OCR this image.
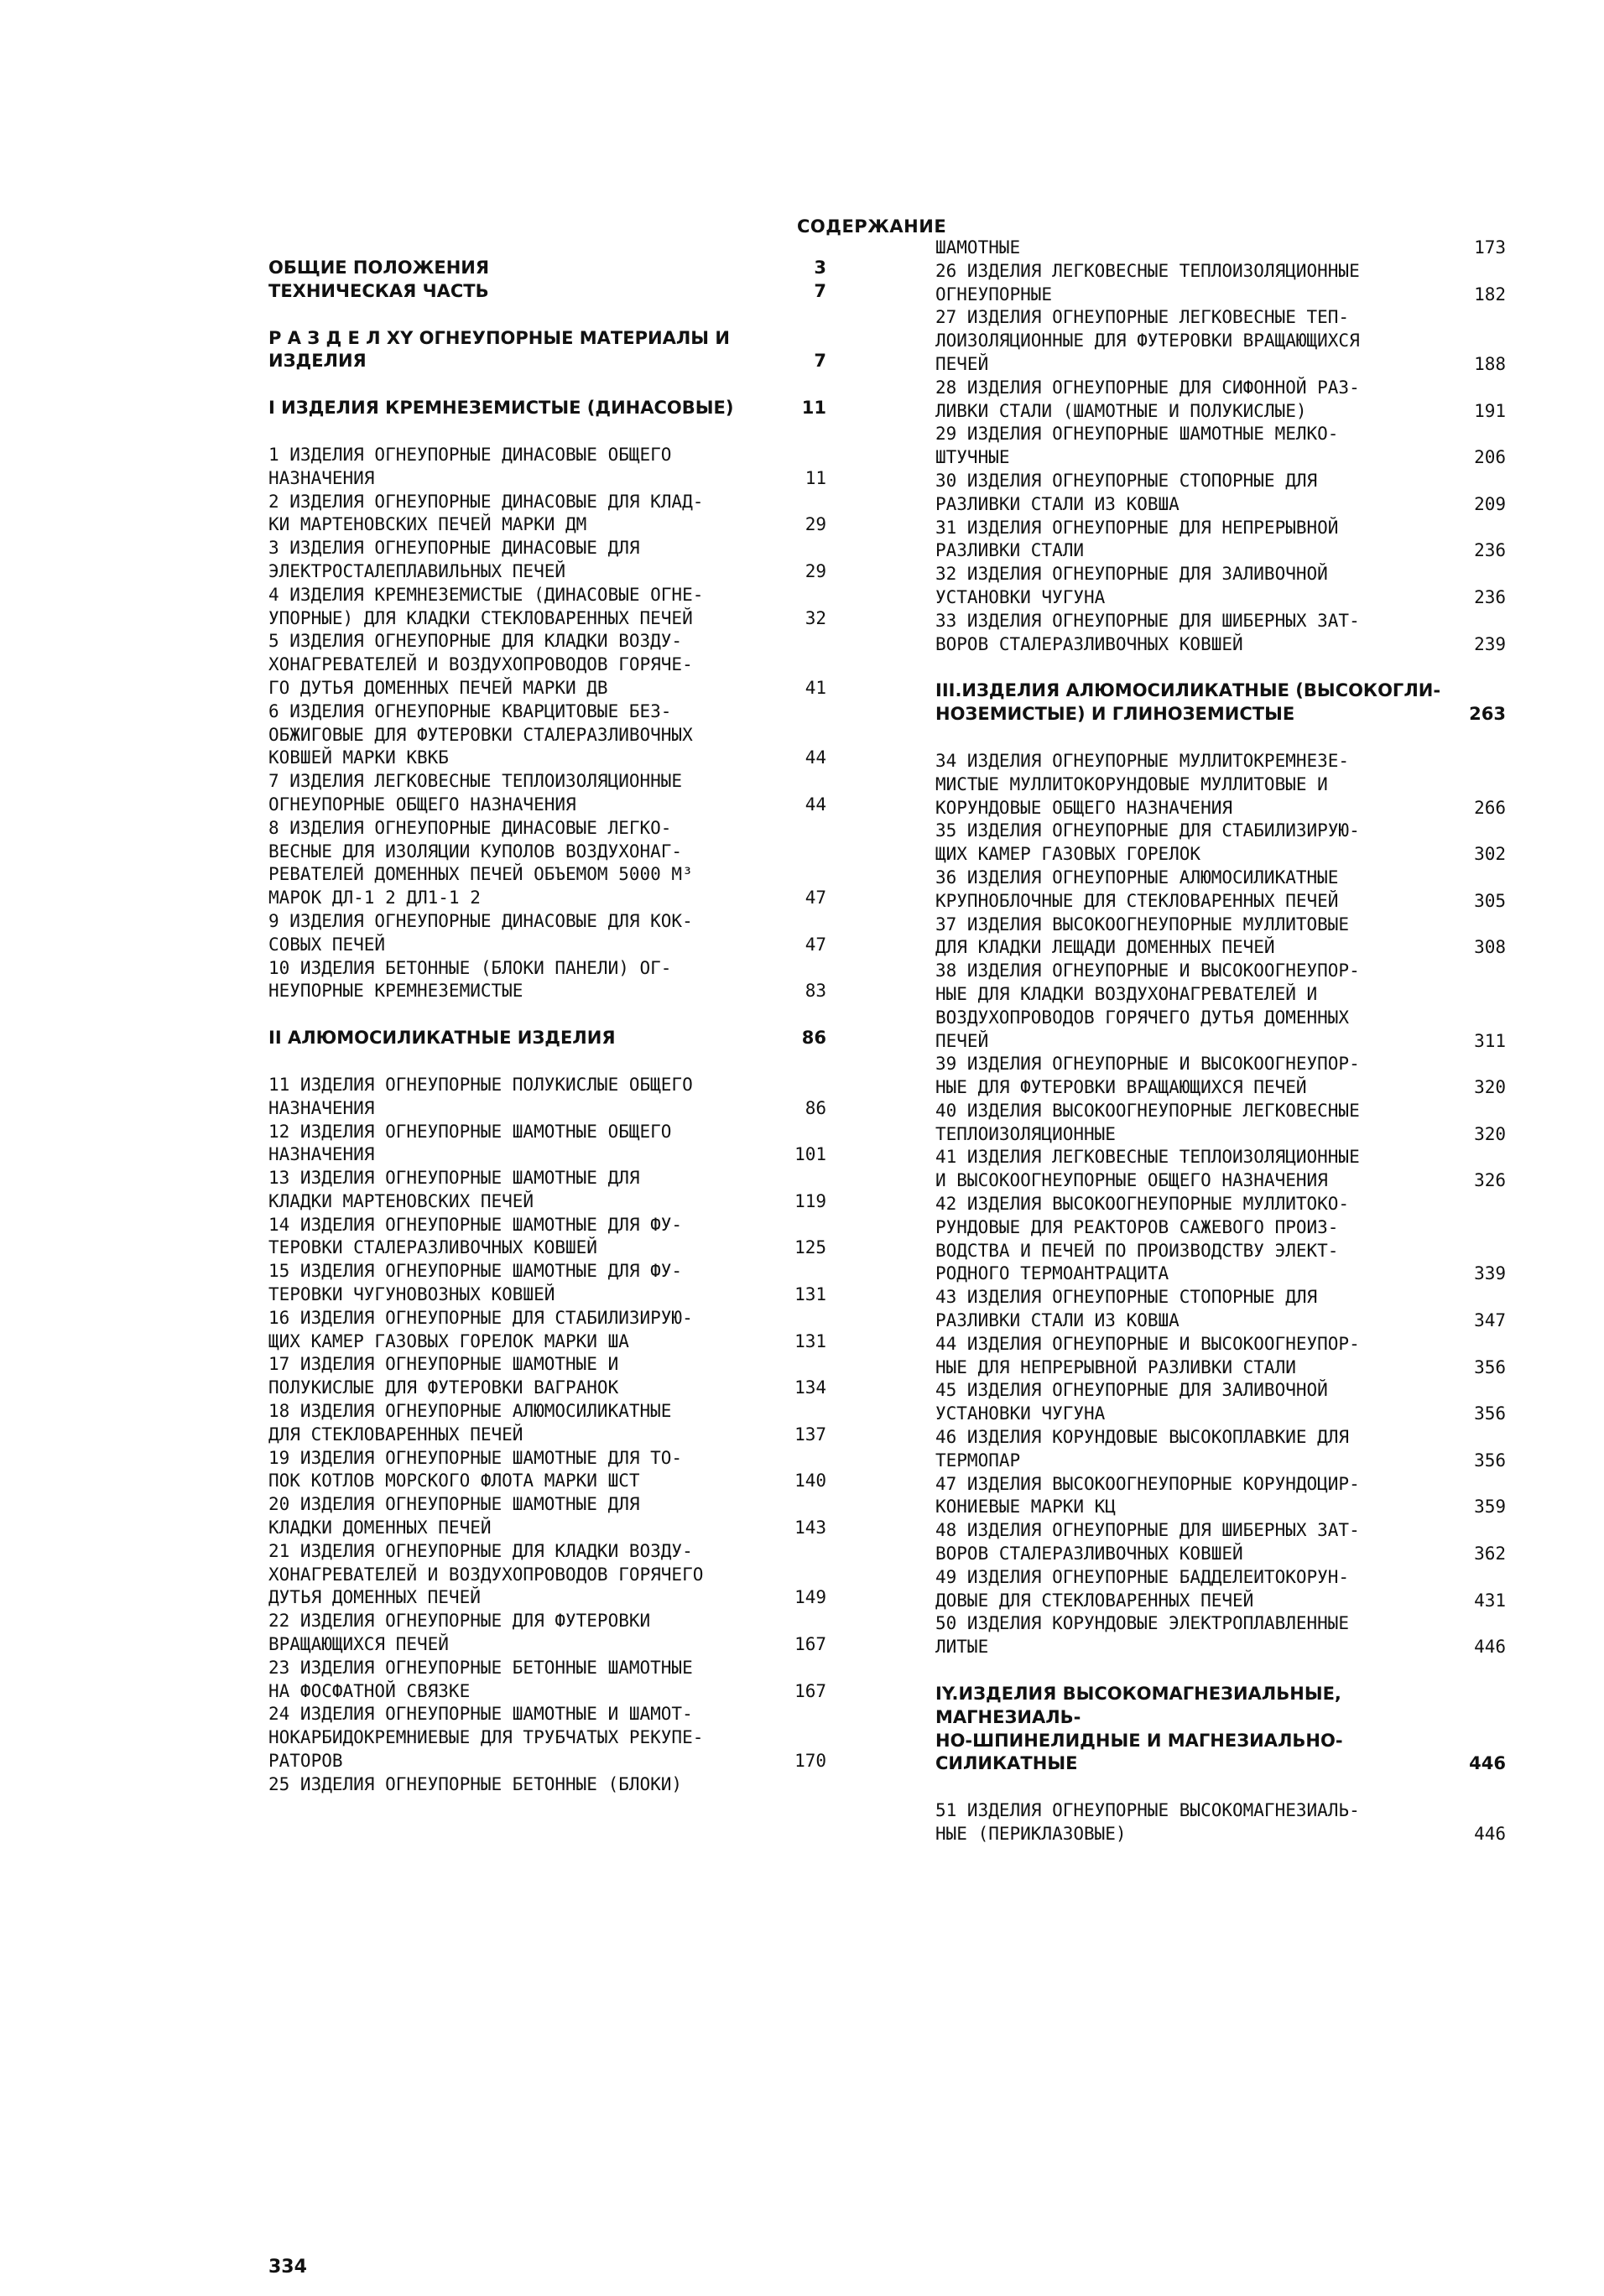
СОДЕРЖАНИЕ
ОБЩИЕ ПОЛОЖЕНИЯ	3
ТЕХНИЧЕСКАЯ ЧАСТЬ	7
Р А З Д Е Л XY ОГНЕУПОРНЫЕ МАТЕРИАЛЫ И
ИЗДЕЛИЯ	7
I ИЗДЕЛИЯ КРЕМНЕЗЕМИСТЫЕ (ДИНАСОВЫЕ)	11
1 ИЗДЕЛИЯ ОГНЕУПОРНЫЕ ДИНАСОВЫЕ ОБЩЕГО
НАЗНАЧЕНИЯ	11
2 ИЗДЕЛИЯ ОГНЕУПОРНЫЕ ДИНАСОВЫЕ ДЛЯ КЛАД-
КИ МАРТЕНОВСКИХ ПЕЧЕЙ МАРКИ ДМ	29
3 ИЗДЕЛИЯ ОГНЕУПОРНЫЕ ДИНАСОВЫЕ ДЛЯ
ЭЛЕКТРОСТАЛЕПЛАВИЛЬНЫХ ПЕЧЕЙ	29
4 ИЗДЕЛИЯ КРЕМНЕЗЕМИСТЫЕ (ДИНАСОВЫЕ ОГНЕ-
УПОРНЫЕ) ДЛЯ КЛАДКИ СТЕКЛОВАРЕННЫХ ПЕЧЕЙ	32
5 ИЗДЕЛИЯ ОГНЕУПОРНЫЕ ДЛЯ КЛАДКИ ВОЗДУ-
ХОНАГРЕВАТЕЛЕЙ И ВОЗДУХОПРОВОДОВ ГОРЯЧЕ-
ГО ДУТЬЯ ДОМЕННЫХ ПЕЧЕЙ МАРКИ ДВ	41
6 ИЗДЕЛИЯ ОГНЕУПОРНЫЕ КВАРЦИТОВЫЕ БЕЗ-
ОБЖИГОВЫЕ ДЛЯ ФУТЕРОВКИ СТАЛЕРАЗЛИВОЧНЫХ
КОВШЕЙ МАРКИ КВКБ	44
7 ИЗДЕЛИЯ ЛЕГКОВЕСНЫЕ ТЕПЛОИЗОЛЯЦИОННЫЕ
ОГНЕУПОРНЫЕ ОБЩЕГО НАЗНАЧЕНИЯ	44
8 ИЗДЕЛИЯ ОГНЕУПОРНЫЕ ДИНАСОВЫЕ ЛЕГКО-
ВЕСНЫЕ ДЛЯ ИЗОЛЯЦИИ КУПОЛОВ ВОЗДУХОНАГ-
РЕВАТЕЛЕЙ ДОМЕННЫХ ПЕЧЕЙ ОБЪЕМОМ 5000 М³
МАРОК ДЛ-1 2 ДЛ1-1 2	47
9 ИЗДЕЛИЯ ОГНЕУПОРНЫЕ ДИНАСОВЫЕ ДЛЯ КОК-
СОВЫХ ПЕЧЕЙ	47
10 ИЗДЕЛИЯ БЕТОННЫЕ (БЛОКИ ПАНЕЛИ) ОГ-
НЕУПОРНЫЕ КРЕМНЕЗЕМИСТЫЕ	83
II АЛЮМОСИЛИКАТНЫЕ ИЗДЕЛИЯ	86
11 ИЗДЕЛИЯ ОГНЕУПОРНЫЕ ПОЛУКИСЛЫЕ ОБЩЕГО
НАЗНАЧЕНИЯ	86
12 ИЗДЕЛИЯ ОГНЕУПОРНЫЕ ШАМОТНЫЕ ОБЩЕГО
НАЗНАЧЕНИЯ	101
13 ИЗДЕЛИЯ ОГНЕУПОРНЫЕ ШАМОТНЫЕ ДЛЯ
КЛАДКИ МАРТЕНОВСКИХ ПЕЧЕЙ	119
14 ИЗДЕЛИЯ ОГНЕУПОРНЫЕ ШАМОТНЫЕ ДЛЯ ФУ-
ТЕРОВКИ СТАЛЕРАЗЛИВОЧНЫХ КОВШЕЙ	125
15 ИЗДЕЛИЯ ОГНЕУПОРНЫЕ ШАМОТНЫЕ ДЛЯ ФУ-
ТЕРОВКИ ЧУГУНОВОЗНЫХ КОВШЕЙ	131
16 ИЗДЕЛИЯ ОГНЕУПОРНЫЕ ДЛЯ СТАБИЛИЗИРУЮ-
ЩИХ КАМЕР ГАЗОВЫХ ГОРЕЛОК МАРКИ ША	131
17 ИЗДЕЛИЯ ОГНЕУПОРНЫЕ ШАМОТНЫЕ И
ПОЛУКИСЛЫЕ ДЛЯ ФУТЕРОВКИ ВАГРАНОК	134
18 ИЗДЕЛИЯ ОГНЕУПОРНЫЕ АЛЮМОСИЛИКАТНЫЕ
ДЛЯ СТЕКЛОВАРЕННЫХ ПЕЧЕЙ	137
19 ИЗДЕЛИЯ ОГНЕУПОРНЫЕ ШАМОТНЫЕ ДЛЯ ТО-
ПОК КОТЛОВ МОРСКОГО ФЛОТА МАРКИ ШСТ	140
20 ИЗДЕЛИЯ ОГНЕУПОРНЫЕ ШАМОТНЫЕ ДЛЯ
КЛАДКИ ДОМЕННЫХ ПЕЧЕЙ	143
21 ИЗДЕЛИЯ ОГНЕУПОРНЫЕ ДЛЯ КЛАДКИ ВОЗДУ-
ХОНАГРЕВАТЕЛЕЙ И ВОЗДУХОПРОВОДОВ ГОРЯЧЕГО
ДУТЬЯ ДОМЕННЫХ ПЕЧЕЙ	149
22 ИЗДЕЛИЯ ОГНЕУПОРНЫЕ ДЛЯ ФУТЕРОВКИ
ВРАЩАЮЩИХСЯ ПЕЧЕЙ	167
23 ИЗДЕЛИЯ ОГНЕУПОРНЫЕ БЕТОННЫЕ ШАМОТНЫЕ
НА ФОСФАТНОЙ СВЯЗКЕ	167
24 ИЗДЕЛИЯ ОГНЕУПОРНЫЕ ШАМОТНЫЕ И ШАМОТ-
НОКАРБИДОКРЕМНИЕВЫЕ ДЛЯ ТРУБЧАТЫХ РЕКУПЕ-
РАТОРОВ	170
25 ИЗДЕЛИЯ ОГНЕУПОРНЫЕ БЕТОННЫЕ (БЛОКИ)
ШАМОТНЫЕ	173
26 ИЗДЕЛИЯ ЛЕГКОВЕСНЫЕ ТЕПЛОИЗОЛЯЦИОННЫЕ
ОГНЕУПОРНЫЕ	182
27 ИЗДЕЛИЯ ОГНЕУПОРНЫЕ ЛЕГКОВЕСНЫЕ ТЕП-
ЛОИЗОЛЯЦИОННЫЕ ДЛЯ ФУТЕРОВКИ ВРАЩАЮЩИХСЯ
ПЕЧЕЙ	188
28 ИЗДЕЛИЯ ОГНЕУПОРНЫЕ ДЛЯ СИФОННОЙ РАЗ-
ЛИВКИ СТАЛИ (ШАМОТНЫЕ И ПОЛУКИСЛЫЕ)	191
29 ИЗДЕЛИЯ ОГНЕУПОРНЫЕ ШАМОТНЫЕ МЕЛКО-
ШТУЧНЫЕ	206
30 ИЗДЕЛИЯ ОГНЕУПОРНЫЕ СТОПОРНЫЕ ДЛЯ
РАЗЛИВКИ СТАЛИ ИЗ КОВША	209
31 ИЗДЕЛИЯ ОГНЕУПОРНЫЕ ДЛЯ НЕПРЕРЫВНОЙ
РАЗЛИВКИ СТАЛИ	236
32 ИЗДЕЛИЯ ОГНЕУПОРНЫЕ ДЛЯ ЗАЛИВОЧНОЙ
УСТАНОВКИ ЧУГУНА	236
33 ИЗДЕЛИЯ ОГНЕУПОРНЫЕ ДЛЯ ШИБЕРНЫХ ЗАТ-
ВОРОВ СТАЛЕРАЗЛИВОЧНЫХ КОВШЕЙ	239
III.ИЗДЕЛИЯ АЛЮМОСИЛИКАТНЫЕ (ВЫСОКОГЛИ-
НОЗЕМИСТЫЕ) И ГЛИНОЗЕМИСТЫЕ	263
34 ИЗДЕЛИЯ ОГНЕУПОРНЫЕ МУЛЛИТОКРЕМНЕЗЕ-
МИСТЫЕ МУЛЛИТОКОРУНДОВЫЕ МУЛЛИТОВЫЕ И
КОРУНДОВЫЕ ОБЩЕГО НАЗНАЧЕНИЯ	266
35 ИЗДЕЛИЯ ОГНЕУПОРНЫЕ ДЛЯ СТАБИЛИЗИРУЮ-
ЩИХ КАМЕР ГАЗОВЫХ ГОРЕЛОК	302
36 ИЗДЕЛИЯ ОГНЕУПОРНЫЕ АЛЮМОСИЛИКАТНЫЕ
КРУПНОБЛОЧНЫЕ ДЛЯ СТЕКЛОВАРЕННЫХ ПЕЧЕЙ	305
37 ИЗДЕЛИЯ ВЫСОКООГНЕУПОРНЫЕ МУЛЛИТОВЫЕ
ДЛЯ КЛАДКИ ЛЕЩАДИ ДОМЕННЫХ ПЕЧЕЙ	308
38 ИЗДЕЛИЯ ОГНЕУПОРНЫЕ И ВЫСОКООГНЕУПОР-
НЫЕ ДЛЯ КЛАДКИ ВОЗДУХОНАГРЕВАТЕЛЕЙ И
ВОЗДУХОПРОВОДОВ ГОРЯЧЕГО ДУТЬЯ ДОМЕННЫХ
ПЕЧЕЙ	311
39 ИЗДЕЛИЯ ОГНЕУПОРНЫЕ И ВЫСОКООГНЕУПОР-
НЫЕ ДЛЯ ФУТЕРОВКИ ВРАЩАЮЩИХСЯ ПЕЧЕЙ	320
40 ИЗДЕЛИЯ ВЫСОКООГНЕУПОРНЫЕ ЛЕГКОВЕСНЫЕ
ТЕПЛОИЗОЛЯЦИОННЫЕ	320
41 ИЗДЕЛИЯ ЛЕГКОВЕСНЫЕ ТЕПЛОИЗОЛЯЦИОННЫЕ
И ВЫСОКООГНЕУПОРНЫЕ ОБЩЕГО НАЗНАЧЕНИЯ	326
42 ИЗДЕЛИЯ ВЫСОКООГНЕУПОРНЫЕ МУЛЛИТОКО-
РУНДОВЫЕ ДЛЯ РЕАКТОРОВ САЖЕВОГО ПРОИЗ-
ВОДСТВА И ПЕЧЕЙ ПО ПРОИЗВОДСТВУ ЭЛЕКТ-
РОДНОГО ТЕРМОАНТРАЦИТА	339
43 ИЗДЕЛИЯ ОГНЕУПОРНЫЕ СТОПОРНЫЕ ДЛЯ
РАЗЛИВКИ СТАЛИ ИЗ КОВША	347
44 ИЗДЕЛИЯ ОГНЕУПОРНЫЕ И ВЫСОКООГНЕУПОР-
НЫЕ ДЛЯ НЕПРЕРЫВНОЙ РАЗЛИВКИ СТАЛИ	356
45 ИЗДЕЛИЯ ОГНЕУПОРНЫЕ ДЛЯ ЗАЛИВОЧНОЙ
УСТАНОВКИ ЧУГУНА	356
46 ИЗДЕЛИЯ КОРУНДОВЫЕ ВЫСОКОПЛАВКИЕ ДЛЯ
ТЕРМОПАР	356
47 ИЗДЕЛИЯ ВЫСОКООГНЕУПОРНЫЕ КОРУНДОЦИР-
КОНИЕВЫЕ МАРКИ КЦ	359
48 ИЗДЕЛИЯ ОГНЕУПОРНЫЕ ДЛЯ ШИБЕРНЫХ ЗАТ-
ВОРОВ СТАЛЕРАЗЛИВОЧНЫХ КОВШЕЙ	362
49 ИЗДЕЛИЯ ОГНЕУПОРНЫЕ БАДДЕЛЕИТОКОРУН-
ДОВЫЕ ДЛЯ СТЕКЛОВАРЕННЫХ ПЕЧЕЙ	431
50 ИЗДЕЛИЯ КОРУНДОВЫЕ ЭЛЕКТРОПЛАВЛЕННЫЕ
ЛИТЫЕ	446
IY.ИЗДЕЛИЯ ВЫСОКОМАГНЕЗИАЛЬНЫЕ, МАГНЕЗИАЛЬ-
НО-ШПИНЕЛИДНЫЕ И МАГНЕЗИАЛЬНО-СИЛИКАТНЫЕ	446
51 ИЗДЕЛИЯ ОГНЕУПОРНЫЕ ВЫСОКОМАГНЕЗИАЛЬ-
НЫЕ (ПЕРИКЛАЗОВЫЕ)	446
334
